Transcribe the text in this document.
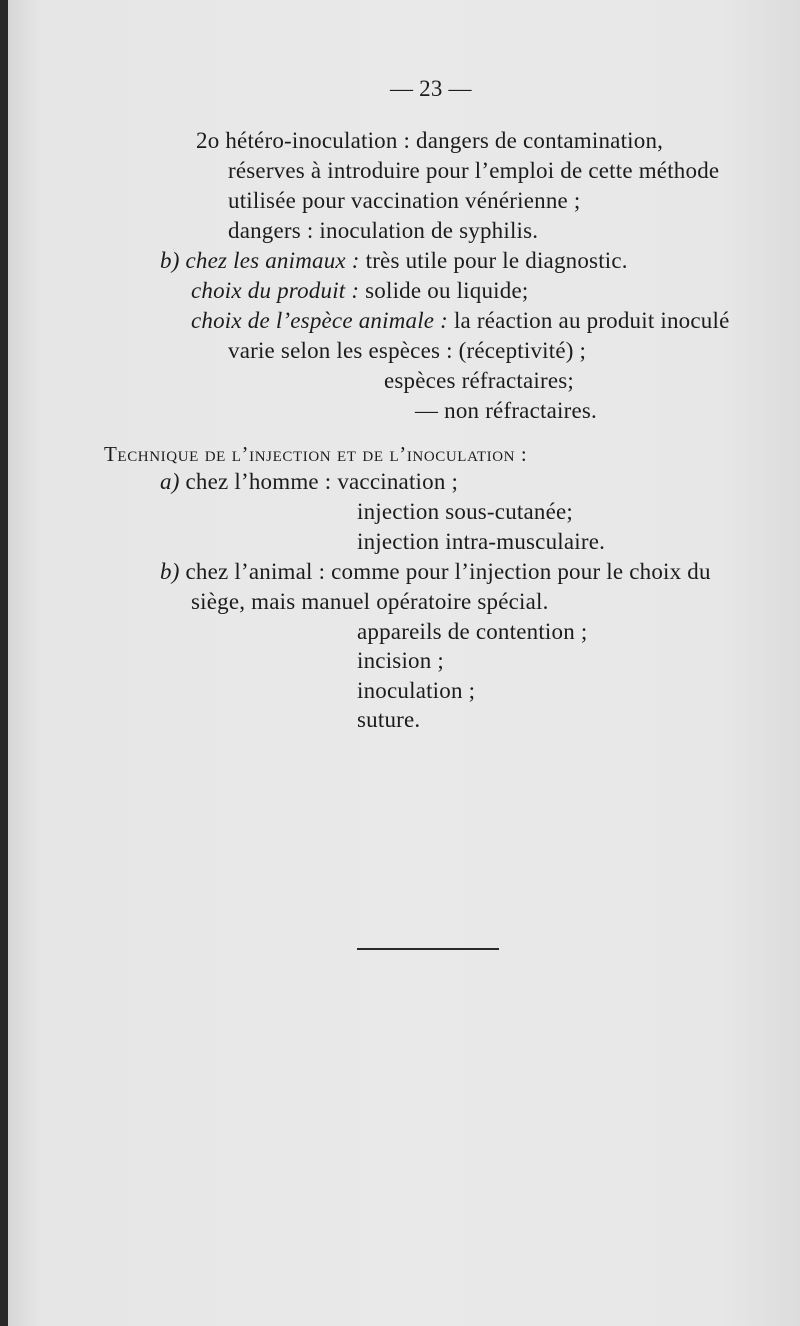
— 23 —
2o hétéro-inoculation : dangers de contamination,
réserves à introduire pour l’emploi de cette méthode
utilisée pour vaccination vénérienne ;
dangers : inoculation de syphilis.
b) chez les animaux : très utile pour le diagnostic.
choix du produit : solide ou liquide;
choix de l’espèce animale : la réaction au produit inoculé
varie selon les espèces : (réceptivité) ;
espèces réfractaires;
— non réfractaires.
Technique de l’injection et de l’inoculation :
a) chez l’homme : vaccination ;
injection sous-cutanée;
injection intra-musculaire.
b) chez l’animal : comme pour l’injection pour le choix du
siège, mais manuel opératoire spécial.
appareils de contention ;
incision ;
inoculation ;
suture.
